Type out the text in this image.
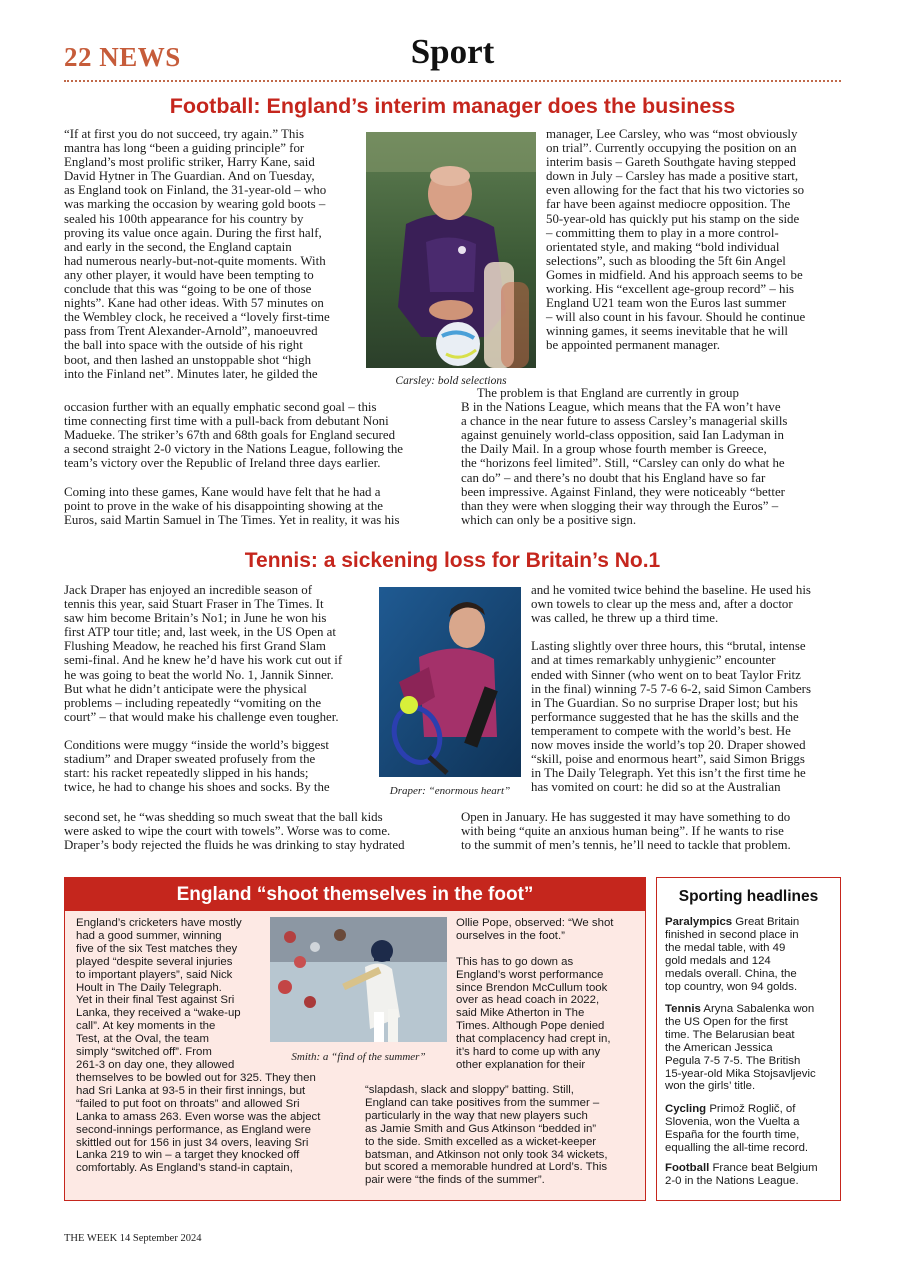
22 NEWS	Sport
Football: England’s interim manager does the business
“If at first you do not succeed, try again.” This
mantra has long “been a guiding principle” for
England’s most prolific striker, Harry Kane, said
David Hytner in The Guardian. And on Tuesday,
as England took on Finland, the 31-year-old – who
was marking the occasion by wearing gold boots –
sealed his 100th appearance for his country by
proving its value once again. During the first half,
and early in the second, the England captain
had numerous nearly-but-not-quite moments. With
any other player, it would have been tempting to
conclude that this was “going to be one of those
nights”. Kane had other ideas. With 57 minutes on
the Wembley clock, he received a “lovely first-time
pass from Trent Alexander-Arnold”, manoeuvred
the ball into space with the outside of his right
boot, and then lashed an unstoppable shot “high
into the Finland net”. Minutes later, he gilded the
occasion further with an equally emphatic second goal – this
time connecting first time with a pull-back from debutant Noni
Madueke. The striker’s 67th and 68th goals for England secured
a second straight 2-0 victory in the Nations League, following the
team’s victory over the Republic of Ireland three days earlier.

Coming into these games, Kane would have felt that he had a
point to prove in the wake of his disappointing showing at the
Euros, said Martin Samuel in The Times. Yet in reality, it was his
Carsley: bold selections
manager, Lee Carsley, who was “most obviously
on trial”. Currently occupying the position on an
interim basis – Gareth Southgate having stepped
down in July – Carsley has made a positive start,
even allowing for the fact that his two victories so
far have been against mediocre opposition. The
50-year-old has quickly put his stamp on the side
– committing them to play in a more control-
orientated style, and making “bold individual
selections”, such as blooding the 5ft 6in Angel
Gomes in midfield. And his approach seems to be
working. His “excellent age-group record” – his
England U21 team won the Euros last summer
– will also count in his favour. Should he continue
winning games, it seems inevitable that he will
be appointed permanent manager.
The problem is that England are currently in group
B in the Nations League, which means that the FA won’t have
a chance in the near future to assess Carsley’s managerial skills
against genuinely world-class opposition, said Ian Ladyman in
the Daily Mail. In a group whose fourth member is Greece,
the “horizons feel limited”. Still, “Carsley can only do what he
can do” – and there’s no doubt that his England have so far
been impressive. Against Finland, they were noticeably “better
than they were when slogging their way through the Euros” –
which can only be a positive sign.
Tennis: a sickening loss for Britain’s No.1
Jack Draper has enjoyed an incredible season of
tennis this year, said Stuart Fraser in The Times. It
saw him become Britain’s No1; in June he won his
first ATP tour title; and, last week, in the US Open at
Flushing Meadow, he reached his first Grand Slam
semi-final. And he knew he’d have his work cut out if
he was going to beat the world No. 1, Jannik Sinner.
But what he didn’t anticipate were the physical
problems – including repeatedly “vomiting on the
court” – that would make his challenge even tougher.

Conditions were muggy “inside the world’s biggest
stadium” and Draper sweated profusely from the
start: his racket repeatedly slipped in his hands;
twice, he had to change his shoes and socks. By the
second set, he “was shedding so much sweat that the ball kids
were asked to wipe the court with towels”. Worse was to come.
Draper’s body rejected the fluids he was drinking to stay hydrated
Draper: “enormous heart”
and he vomited twice behind the baseline. He used his
own towels to clear up the mess and, after a doctor
was called, he threw up a third time.

Lasting slightly over three hours, this “brutal, intense
and at times remarkably unhygienic” encounter
ended with Sinner (who went on to beat Taylor Fritz
in the final) winning 7-5 7-6 6-2, said Simon Cambers
in The Guardian. So no surprise Draper lost; but his
performance suggested that he has the skills and the
temperament to compete with the world’s best. He
now moves inside the world’s top 20. Draper showed
“skill, poise and enormous heart”, said Simon Briggs
in The Daily Telegraph. Yet this isn’t the first time he
has vomited on court: he did so at the Australian
Open in January. He has suggested it may have something to do
with being “quite an anxious human being”. If he wants to rise
to the summit of men’s tennis, he’ll need to tackle that problem.
England “shoot themselves in the foot”
England’s cricketers have mostly
had a good summer, winning
five of the six Test matches they
played “despite several injuries
to important players”, said Nick
Hoult in The Daily Telegraph.
Yet in their final Test against Sri
Lanka, they received a “wake-up
call”. At key moments in the
Test, at the Oval, the team
simply “switched off”. From
261-3 on day one, they allowed
themselves to be bowled out for 325. They then
had Sri Lanka at 93-5 in their first innings, but
“failed to put foot on throats” and allowed Sri
Lanka to amass 263. Even worse was the abject
second-innings performance, as England were
skittled out for 156 in just 34 overs, leaving Sri
Lanka 219 to win – a target they knocked off
comfortably. As England’s stand-in captain,
Smith: a “find of the summer”
Ollie Pope, observed: “We shot
ourselves in the foot.”

This has to go down as
England’s worst performance
since Brendon McCullum took
over as head coach in 2022,
said Mike Atherton in The
Times. Although Pope denied
that complacency had crept in,
it’s hard to come up with any
other explanation for their
“slapdash, slack and sloppy” batting. Still,
England can take positives from the summer –
particularly in the way that new players such
as Jamie Smith and Gus Atkinson “bedded in”
to the side. Smith excelled as a wicket-keeper
batsman, and Atkinson not only took 34 wickets,
but scored a memorable hundred at Lord’s. This
pair were “the finds of the summer”.
Sporting headlines
Paralympics Great Britain
finished in second place in
the medal table, with 49
gold medals and 124
medals overall. China, the
top country, won 94 golds.
Tennis Aryna Sabalenka won
the US Open for the first
time. The Belarusian beat
the American Jessica
Pegula 7-5 7-5. The British
15-year-old Mika Stojsavljevic
won the girls’ title.
Cycling Primož Roglič, of
Slovenia, won the Vuelta a
España for the fourth time,
equalling the all-time record.
Football France beat Belgium
2-0 in the Nations League.
THE WEEK 14 September 2024
